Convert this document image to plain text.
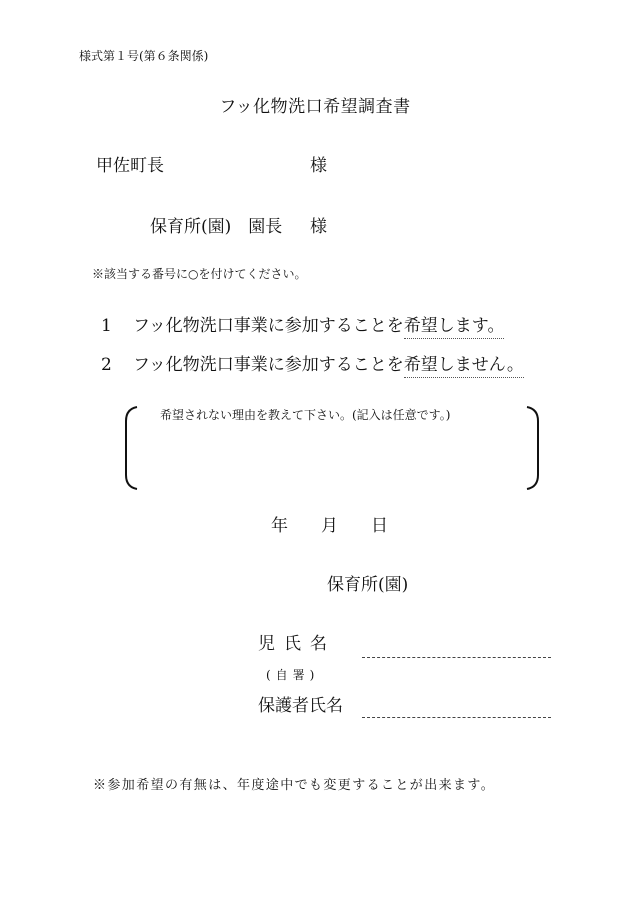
様式第１号(第６条関係)
フッ化物洗口希望調査書
甲佐町長	様
保育所(園)　園長 様
※該当する番号に○を付けてください。
1 フッ化物洗口事業に参加することを希望します。
2 フッ化物洗口事業に参加することを希望しません。
希望されない理由を教えて下さい。(記入は任意です。)
年 月 日
保育所(園)
児氏名
(自署)
保護者氏名
※参加希望の有無は、年度途中でも変更することが出来ます。
